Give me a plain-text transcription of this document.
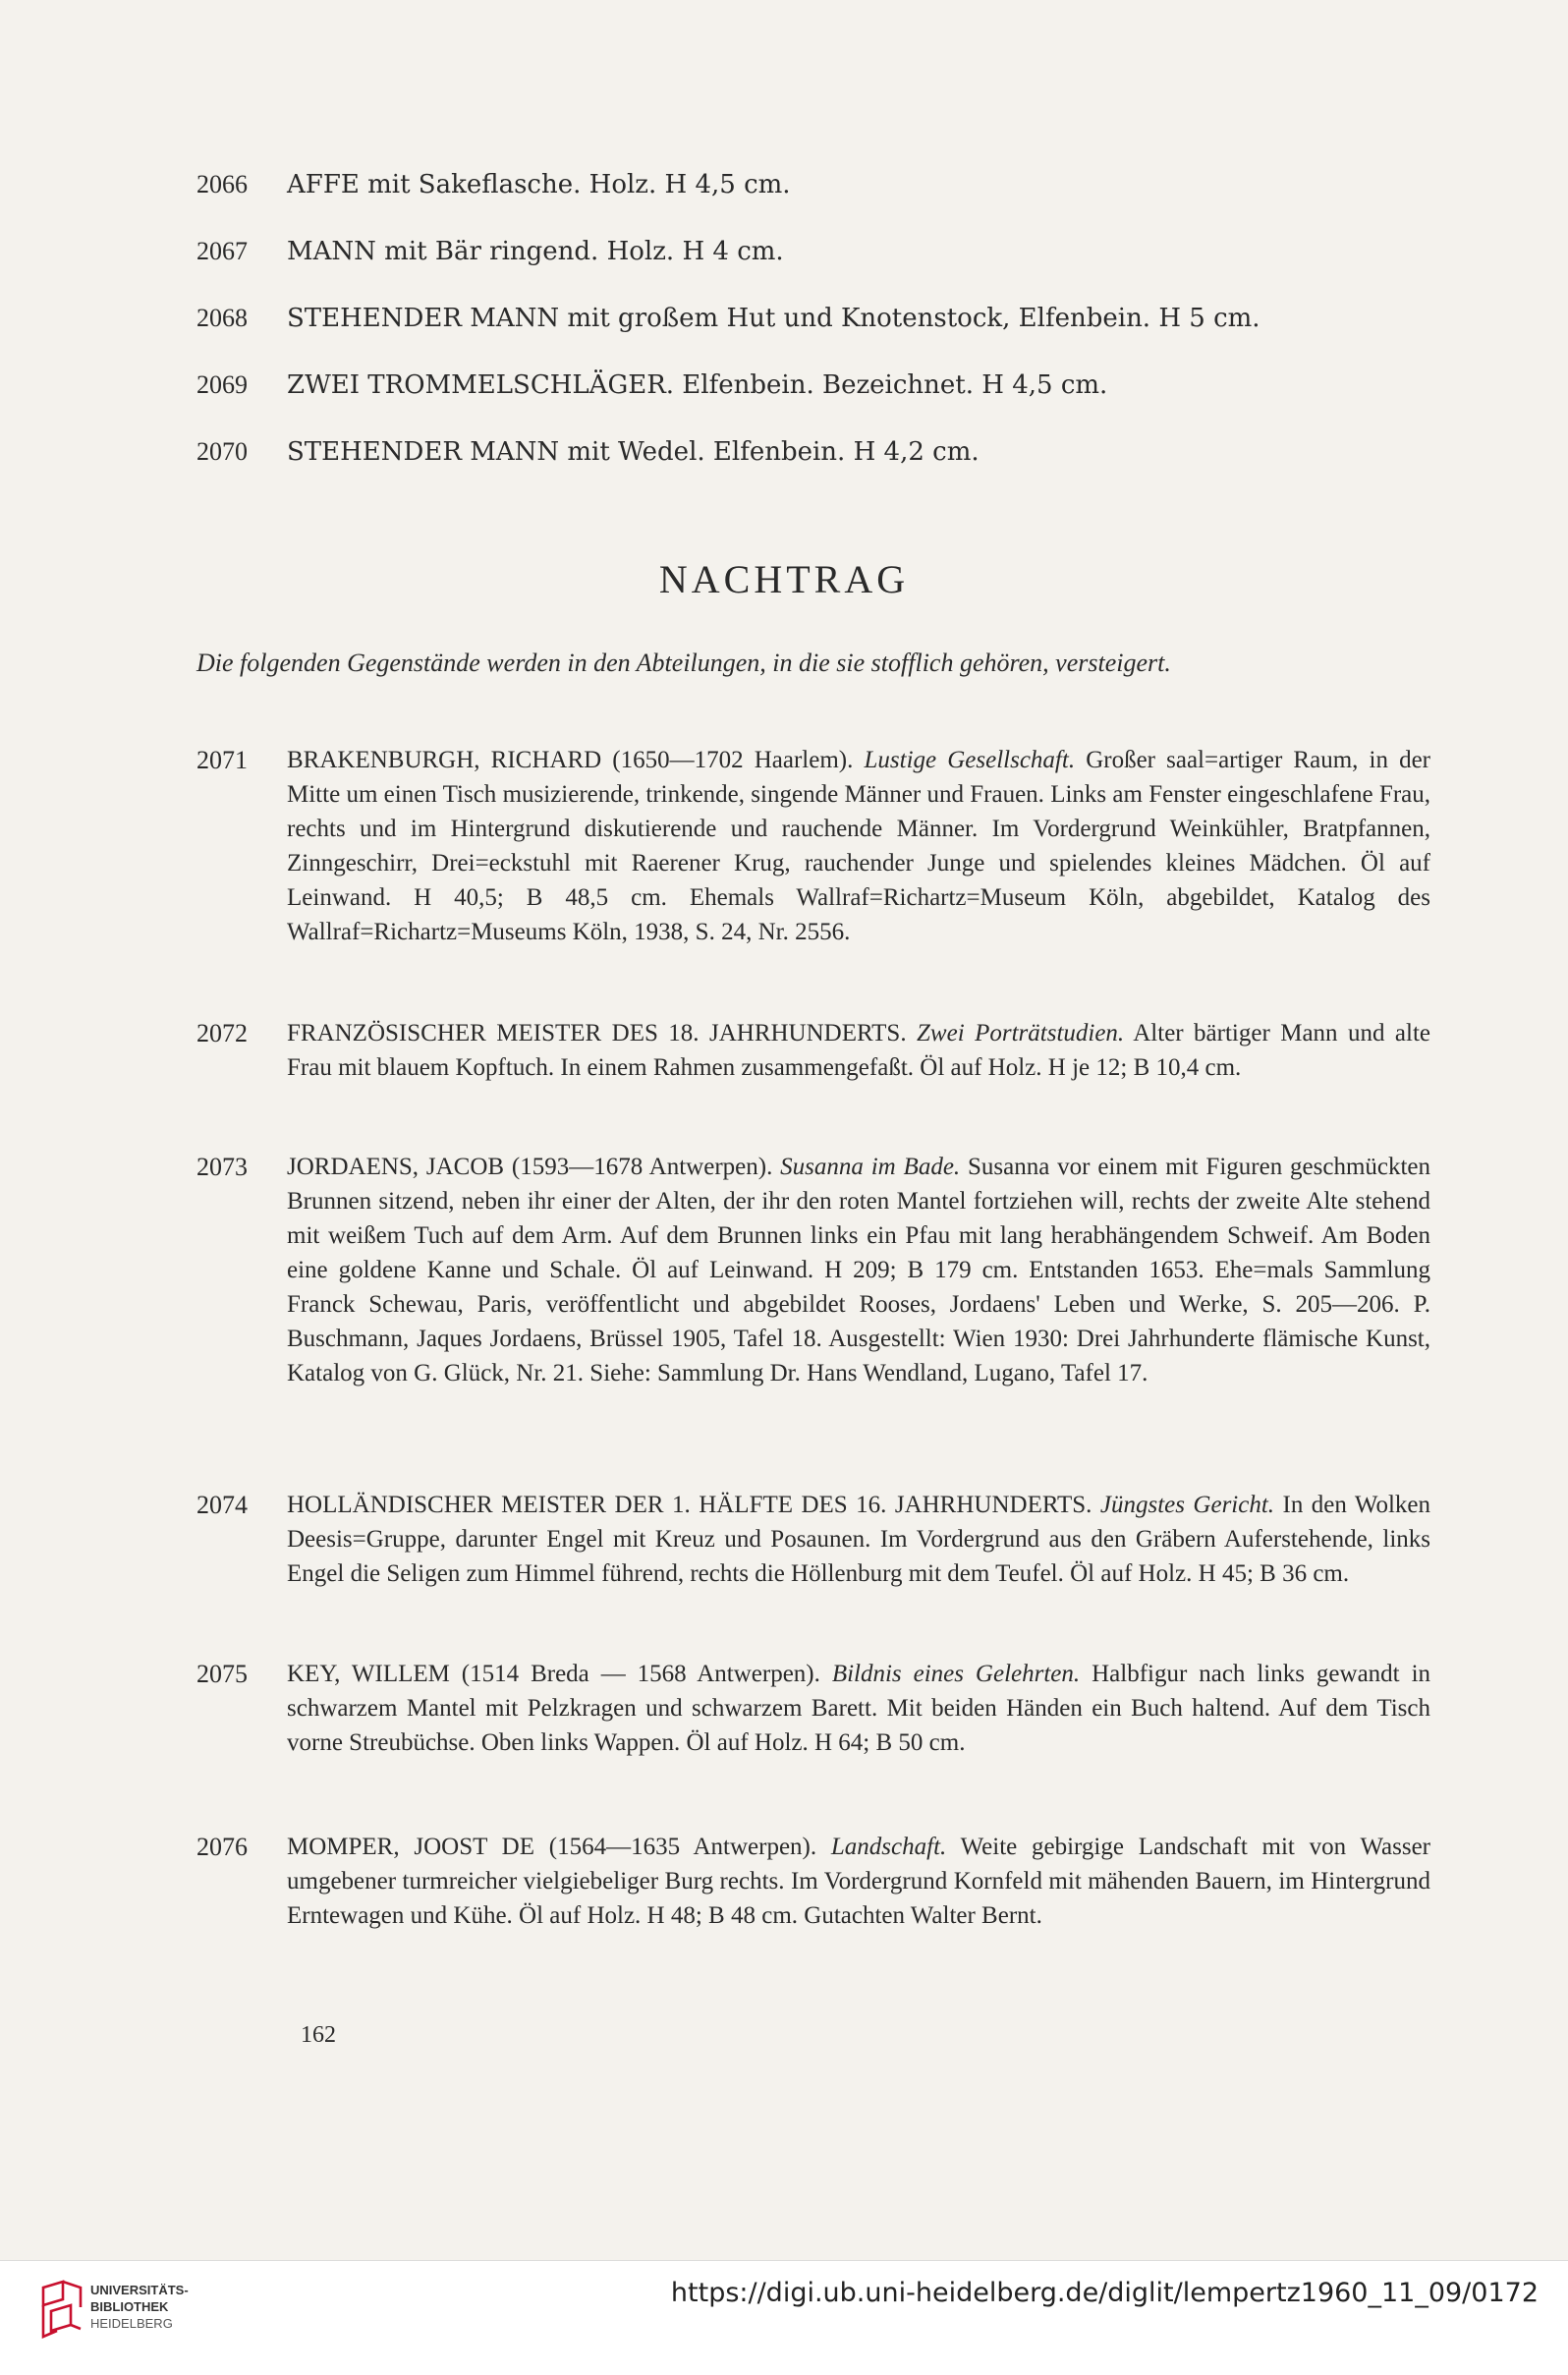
2066 AFFE mit Sakeflasche. Holz. H 4,5 cm.
2067 MANN mit Bär ringend. Holz. H 4 cm.
2068 STEHENDER MANN mit großem Hut und Knotenstock, Elfenbein. H 5 cm.
2069 ZWEI TROMMELSCHLÄGER. Elfenbein. Bezeichnet. H 4,5 cm.
2070 STEHENDER MANN mit Wedel. Elfenbein. H 4,2 cm.
NACHTRAG
Die folgenden Gegenstände werden in den Abteilungen, in die sie stofflich gehören, versteigert.
2071 BRAKENBURGH, RICHARD (1650—1702 Haarlem). Lustige Gesellschaft. Großer saal=artiger Raum, in der Mitte um einen Tisch musizierende, trinkende, singende Männer und Frauen. Links am Fenster eingeschlafene Frau, rechts und im Hintergrund diskutierende und rauchende Männer. Im Vordergrund Weinkühler, Bratpfannen, Zinngeschirr, Drei=eckstuhl mit Raerener Krug, rauchender Junge und spielendes kleines Mädchen. Öl auf Leinwand. H 40,5; B 48,5 cm. Ehemals Wallraf=Richartz=Museum Köln, abgebildet, Katalog des Wallraf=Richartz=Museums Köln, 1938, S. 24, Nr. 2556.
2072 FRANZÖSISCHER MEISTER DES 18. JAHRHUNDERTS. Zwei Porträtstudien. Alter bärtiger Mann und alte Frau mit blauem Kopftuch. In einem Rahmen zusammengefaßt. Öl auf Holz. H je 12; B 10,4 cm.
2073 JORDAENS, JACOB (1593—1678 Antwerpen). Susanna im Bade. Susanna vor einem mit Figuren geschmückten Brunnen sitzend, neben ihr einer der Alten, der ihr den roten Mantel fortziehen will, rechts der zweite Alte stehend mit weißem Tuch auf dem Arm. Auf dem Brunnen links ein Pfau mit lang herabhängendem Schweif. Am Boden eine goldene Kanne und Schale. Öl auf Leinwand. H 209; B 179 cm. Entstanden 1653. Ehe=mals Sammlung Franck Schewau, Paris, veröffentlicht und abgebildet Rooses, Jordaens' Leben und Werke, S. 205—206. P. Buschmann, Jaques Jordaens, Brüssel 1905, Tafel 18. Ausgestellt: Wien 1930: Drei Jahrhunderte flämische Kunst, Katalog von G. Glück, Nr. 21. Siehe: Sammlung Dr. Hans Wendland, Lugano, Tafel 17.
2074 HOLLÄNDISCHER MEISTER DER 1. HÄLFTE DES 16. JAHRHUNDERTS. Jüngstes Gericht. In den Wolken Deesis=Gruppe, darunter Engel mit Kreuz und Posaunen. Im Vordergrund aus den Gräbern Auferstehende, links Engel die Seligen zum Himmel führend, rechts die Höllenburg mit dem Teufel. Öl auf Holz. H 45; B 36 cm.
2075 KEY, WILLEM (1514 Breda — 1568 Antwerpen). Bildnis eines Gelehrten. Halbfigur nach links gewandt in schwarzem Mantel mit Pelzkragen und schwarzem Barett. Mit beiden Händen ein Buch haltend. Auf dem Tisch vorne Streubüchse. Oben links Wappen. Öl auf Holz. H 64; B 50 cm.
2076 MOMPER, JOOST DE (1564—1635 Antwerpen). Landschaft. Weite gebirgige Landschaft mit von Wasser umgebener turmreicher vielgiebeliger Burg rechts. Im Vordergrund Kornfeld mit mähenden Bauern, im Hintergrund Erntewagen und Kühe. Öl auf Holz. H 48; B 48 cm. Gutachten Walter Bernt.
162
UNIVERSITÄTS-
BIBLIOTHEK
HEIDELBERG
https://digi.ub.uni-heidelberg.de/diglit/lempertz1960_11_09/0172
